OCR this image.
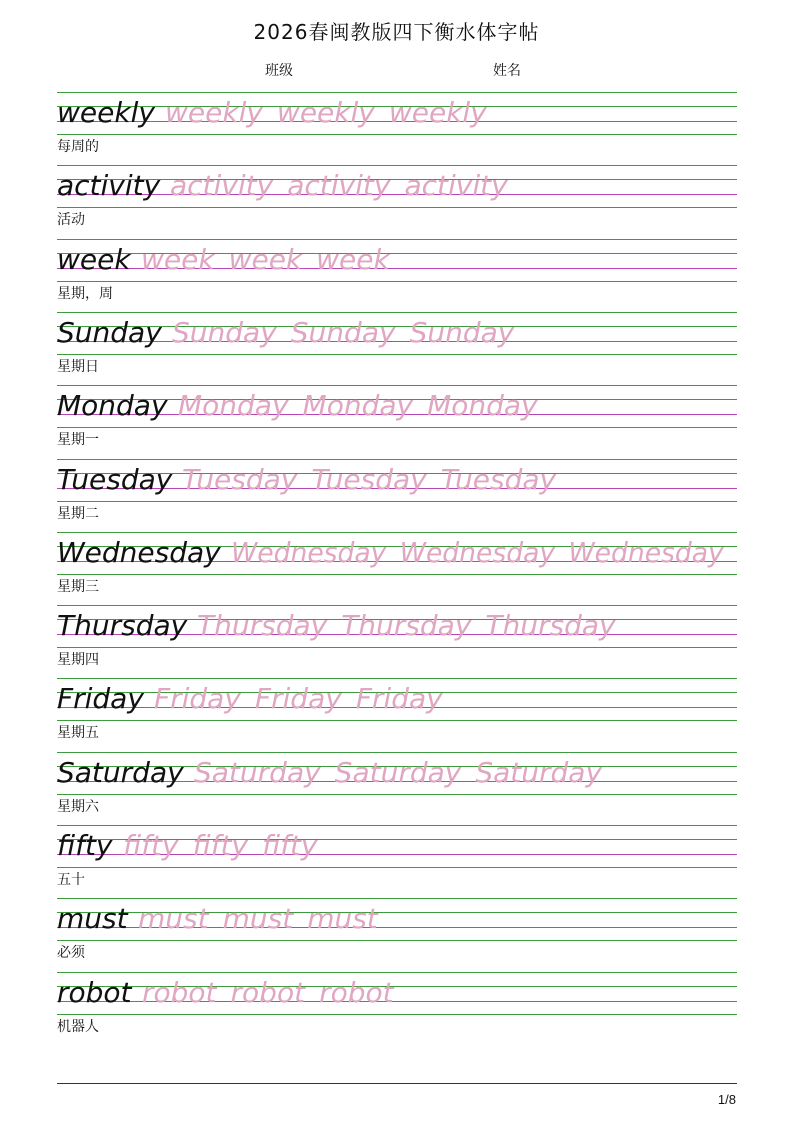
2026春闽教版四下衡水体字帖
班级	姓名
weekly weekly weekly weekly
每周的
activity activity activity activity
活动
week week week week
星期，周
Sunday Sunday Sunday Sunday
星期日
Monday Monday Monday Monday
星期一
Tuesday Tuesday Tuesday Tuesday
星期二
Wednesday Wednesday Wednesday Wednesday
星期三
Thursday Thursday Thursday Thursday
星期四
Friday Friday Friday Friday
星期五
Saturday Saturday Saturday Saturday
星期六
fifty fifty fifty fifty
五十
must must must must
必须
robot robot robot robot
机器人
1/8
